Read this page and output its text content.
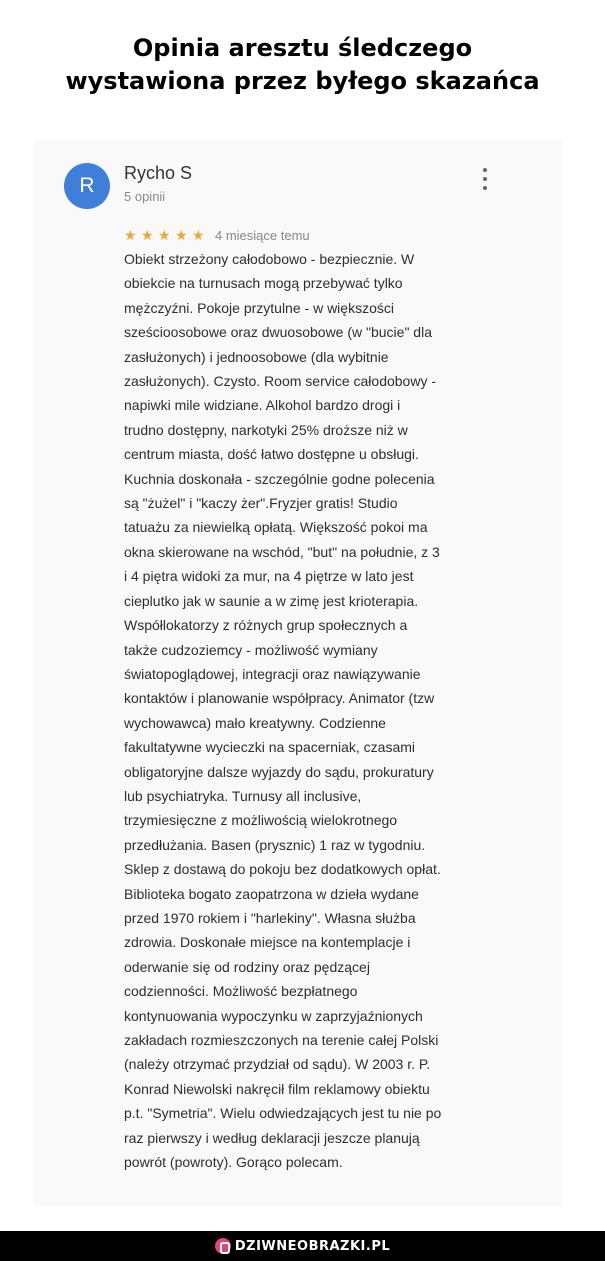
Opinia aresztu śledczego
wystawiona przez byłego skazańca
R
Rycho S
5 opinii
★ ★ ★ ★ ★ 4 miesiące temu
Obiekt strzeżony całodobowo - bezpiecznie. W
obiekcie na turnusach mogą przebywać tylko
mężczyźni. Pokoje przytulne - w większości
sześcioosobowe oraz dwuosobowe (w "bucie" dla
zasłużonych) i jednoosobowe (dla wybitnie
zasłużonych). Czysto. Room service całodobowy -
napiwki mile widziane. Alkohol bardzo drogi i
trudno dostępny, narkotyki 25% droższe niż w
centrum miasta, dość łatwo dostępne u obsługi.
Kuchnia doskonała - szczególnie godne polecenia
są "żużel" i "kaczy żer".Fryzjer gratis! Studio
tatuażu za niewielką opłatą. Większość pokoi ma
okna skierowane na wschód, "but" na południe, z 3
i 4 piętra widoki za mur, na 4 piętrze w lato jest
cieplutko jak w saunie a w zimę jest krioterapia.
Współlokatorzy z różnych grup społecznych a
także cudzoziemcy - możliwość wymiany
światopoglądowej, integracji oraz nawiązywanie
kontaktów i planowanie współpracy. Animator (tzw
wychowawca) mało kreatywny. Codzienne
fakultatywne wycieczki na spacerniak, czasami
obligatoryjne dalsze wyjazdy do sądu, prokuratury
lub psychiatryka. Turnusy all inclusive,
trzymiesięczne z możliwością wielokrotnego
przedłużania. Basen (prysznic) 1 raz w tygodniu.
Sklep z dostawą do pokoju bez dodatkowych opłat.
Biblioteka bogato zaopatrzona w dzieła wydane
przed 1970 rokiem i "harlekiny". Własna służba
zdrowia. Doskonałe miejsce na kontemplacje i
oderwanie się od rodziny oraz pędzącej
codzienności. Możliwość bezpłatnego
kontynuowania wypoczynku w zaprzyjaźnionych
zakładach rozmieszczonych na terenie całej Polski
(należy otrzymać przydział od sądu). W 2003 r. P.
Konrad Niewolski nakręcił film reklamowy obiektu
p.t. "Symetria". Wielu odwiedzających jest tu nie po
raz pierwszy i według deklaracji jeszcze planują
powrót (powroty). Gorąco polecam.
DZIWNEOBRAZKI.PL
